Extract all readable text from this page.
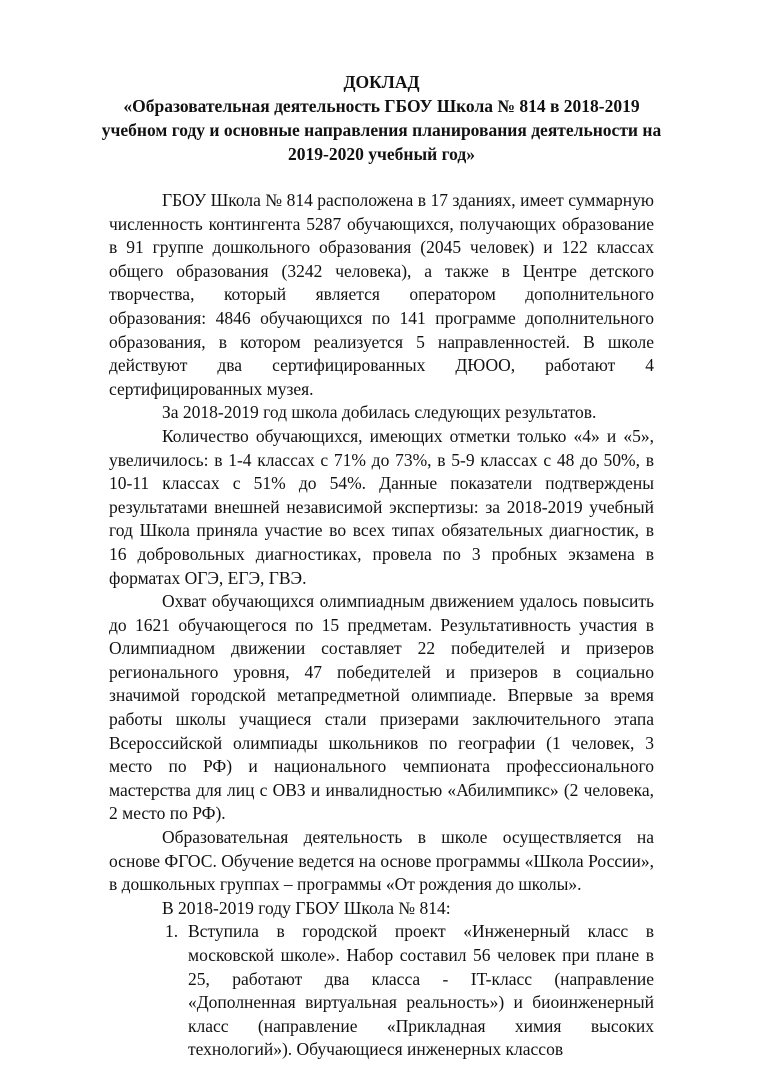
ДОКЛАД
«Образовательная деятельность ГБОУ Школа № 814 в 2018-2019
учебном году и основные направления планирования деятельности на
2019-2020 учебный год»

ГБОУ Школа № 814 расположена в 17 зданиях, имеет суммарную численность контингента 5287 обучающихся, получающих образование в 91 группе дошкольного образования (2045 человек) и 122 классах общего образования (3242 человека), а также в Центре детского творчества, который является оператором дополнительного образования: 4846 обучающихся по 141 программе дополнительного образования, в котором реализуется 5 направленностей. В школе действуют два сертифицированных ДЮОО, работают 4 сертифицированных музея.

За 2018-2019 год школа добилась следующих результатов.

Количество обучающихся, имеющих отметки только «4» и «5», увеличилось: в 1-4 классах с 71% до 73%, в 5-9 классах с 48 до 50%, в 10-11 классах с 51% до 54%. Данные показатели подтверждены результатами внешней независимой экспертизы: за 2018-2019 учебный год Школа приняла участие во всех типах обязательных диагностик, в 16 добровольных диагностиках, провела по 3 пробных экзамена в форматах ОГЭ, ЕГЭ, ГВЭ.

Охват обучающихся олимпиадным движением удалось повысить до 1621 обучающегося по 15 предметам. Результативность участия в Олимпиадном движении составляет 22 победителей и призеров регионального уровня, 47 победителей и призеров в социально значимой городской метапредметной олимпиаде. Впервые за время работы школы учащиеся стали призерами заключительного этапа Всероссийской олимпиады школьников по географии (1 человек, 3 место по РФ) и национального чемпионата профессионального мастерства для лиц с ОВЗ и инвалидностью «Абилимпикс» (2 человека, 2 место по РФ).

Образовательная деятельность в школе осуществляется на основе ФГОС. Обучение ведется на основе программы «Школа России», в дошкольных группах – программы «От рождения до школы».

В 2018-2019 году ГБОУ Школа № 814:

1. Вступила в городской проект «Инженерный класс в московской школе». Набор составил 56 человек при плане в 25, работают два класса - IT-класс (направление «Дополненная виртуальная реальность») и биоинженерный класс (направление «Прикладная химия высоких технологий»). Обучающиеся инженерных классов
